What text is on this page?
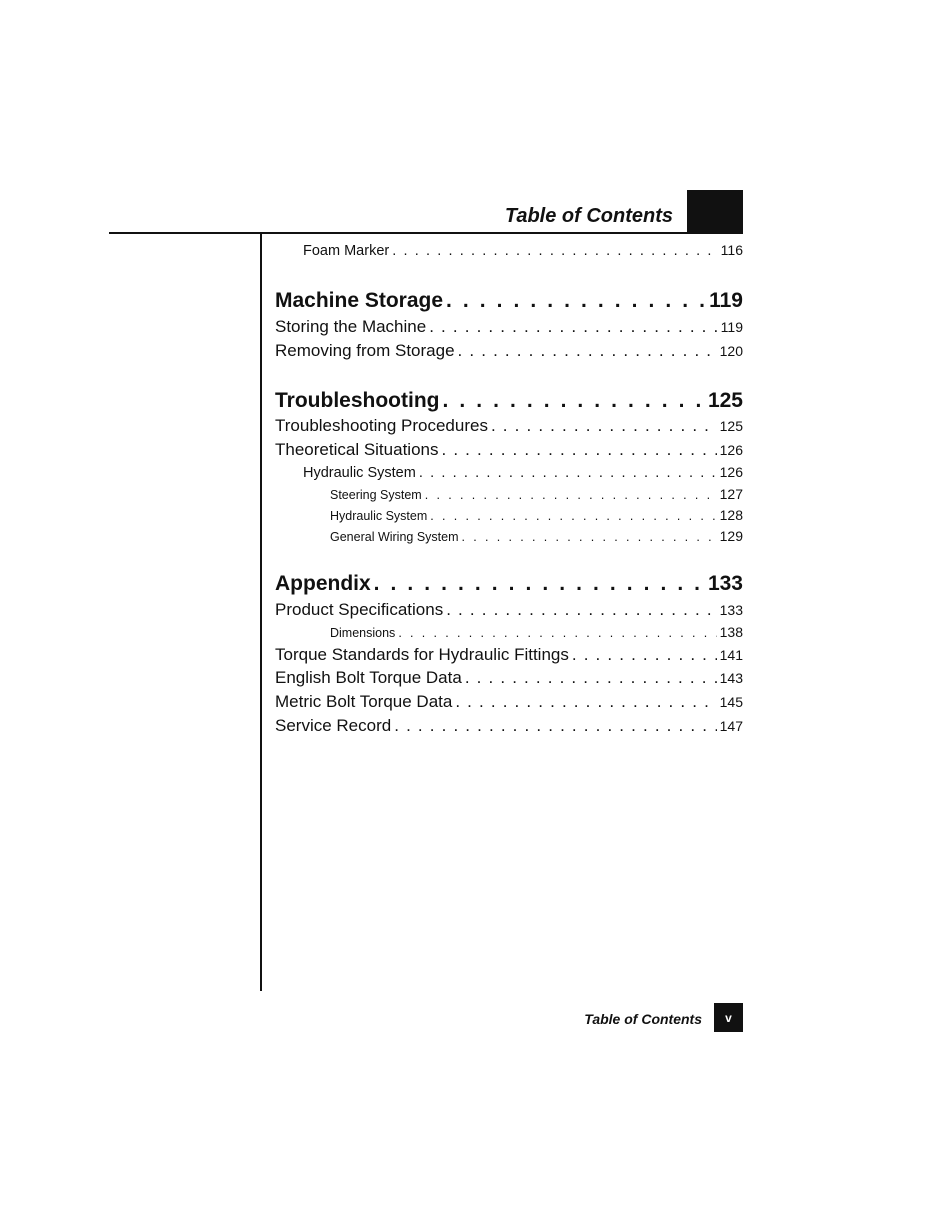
Table of Contents
Foam Marker . . .	116
Machine Storage . . .	119
Storing the Machine . . .	119
Removing from Storage . . .	120
Troubleshooting . . .	125
Troubleshooting Procedures . . .	125
Theoretical Situations . . .	126
Hydraulic System . . .	126
Steering System . . .	127
Hydraulic System . . .	128
General Wiring System . . .	129
Appendix . . .	133
Product Specifications . . .	133
Dimensions . . .	138
Torque Standards for Hydraulic Fittings . . .	141
English Bolt Torque Data . . .	143
Metric Bolt Torque Data . . .	145
Service Record . . .	147
Table of Contents	v
